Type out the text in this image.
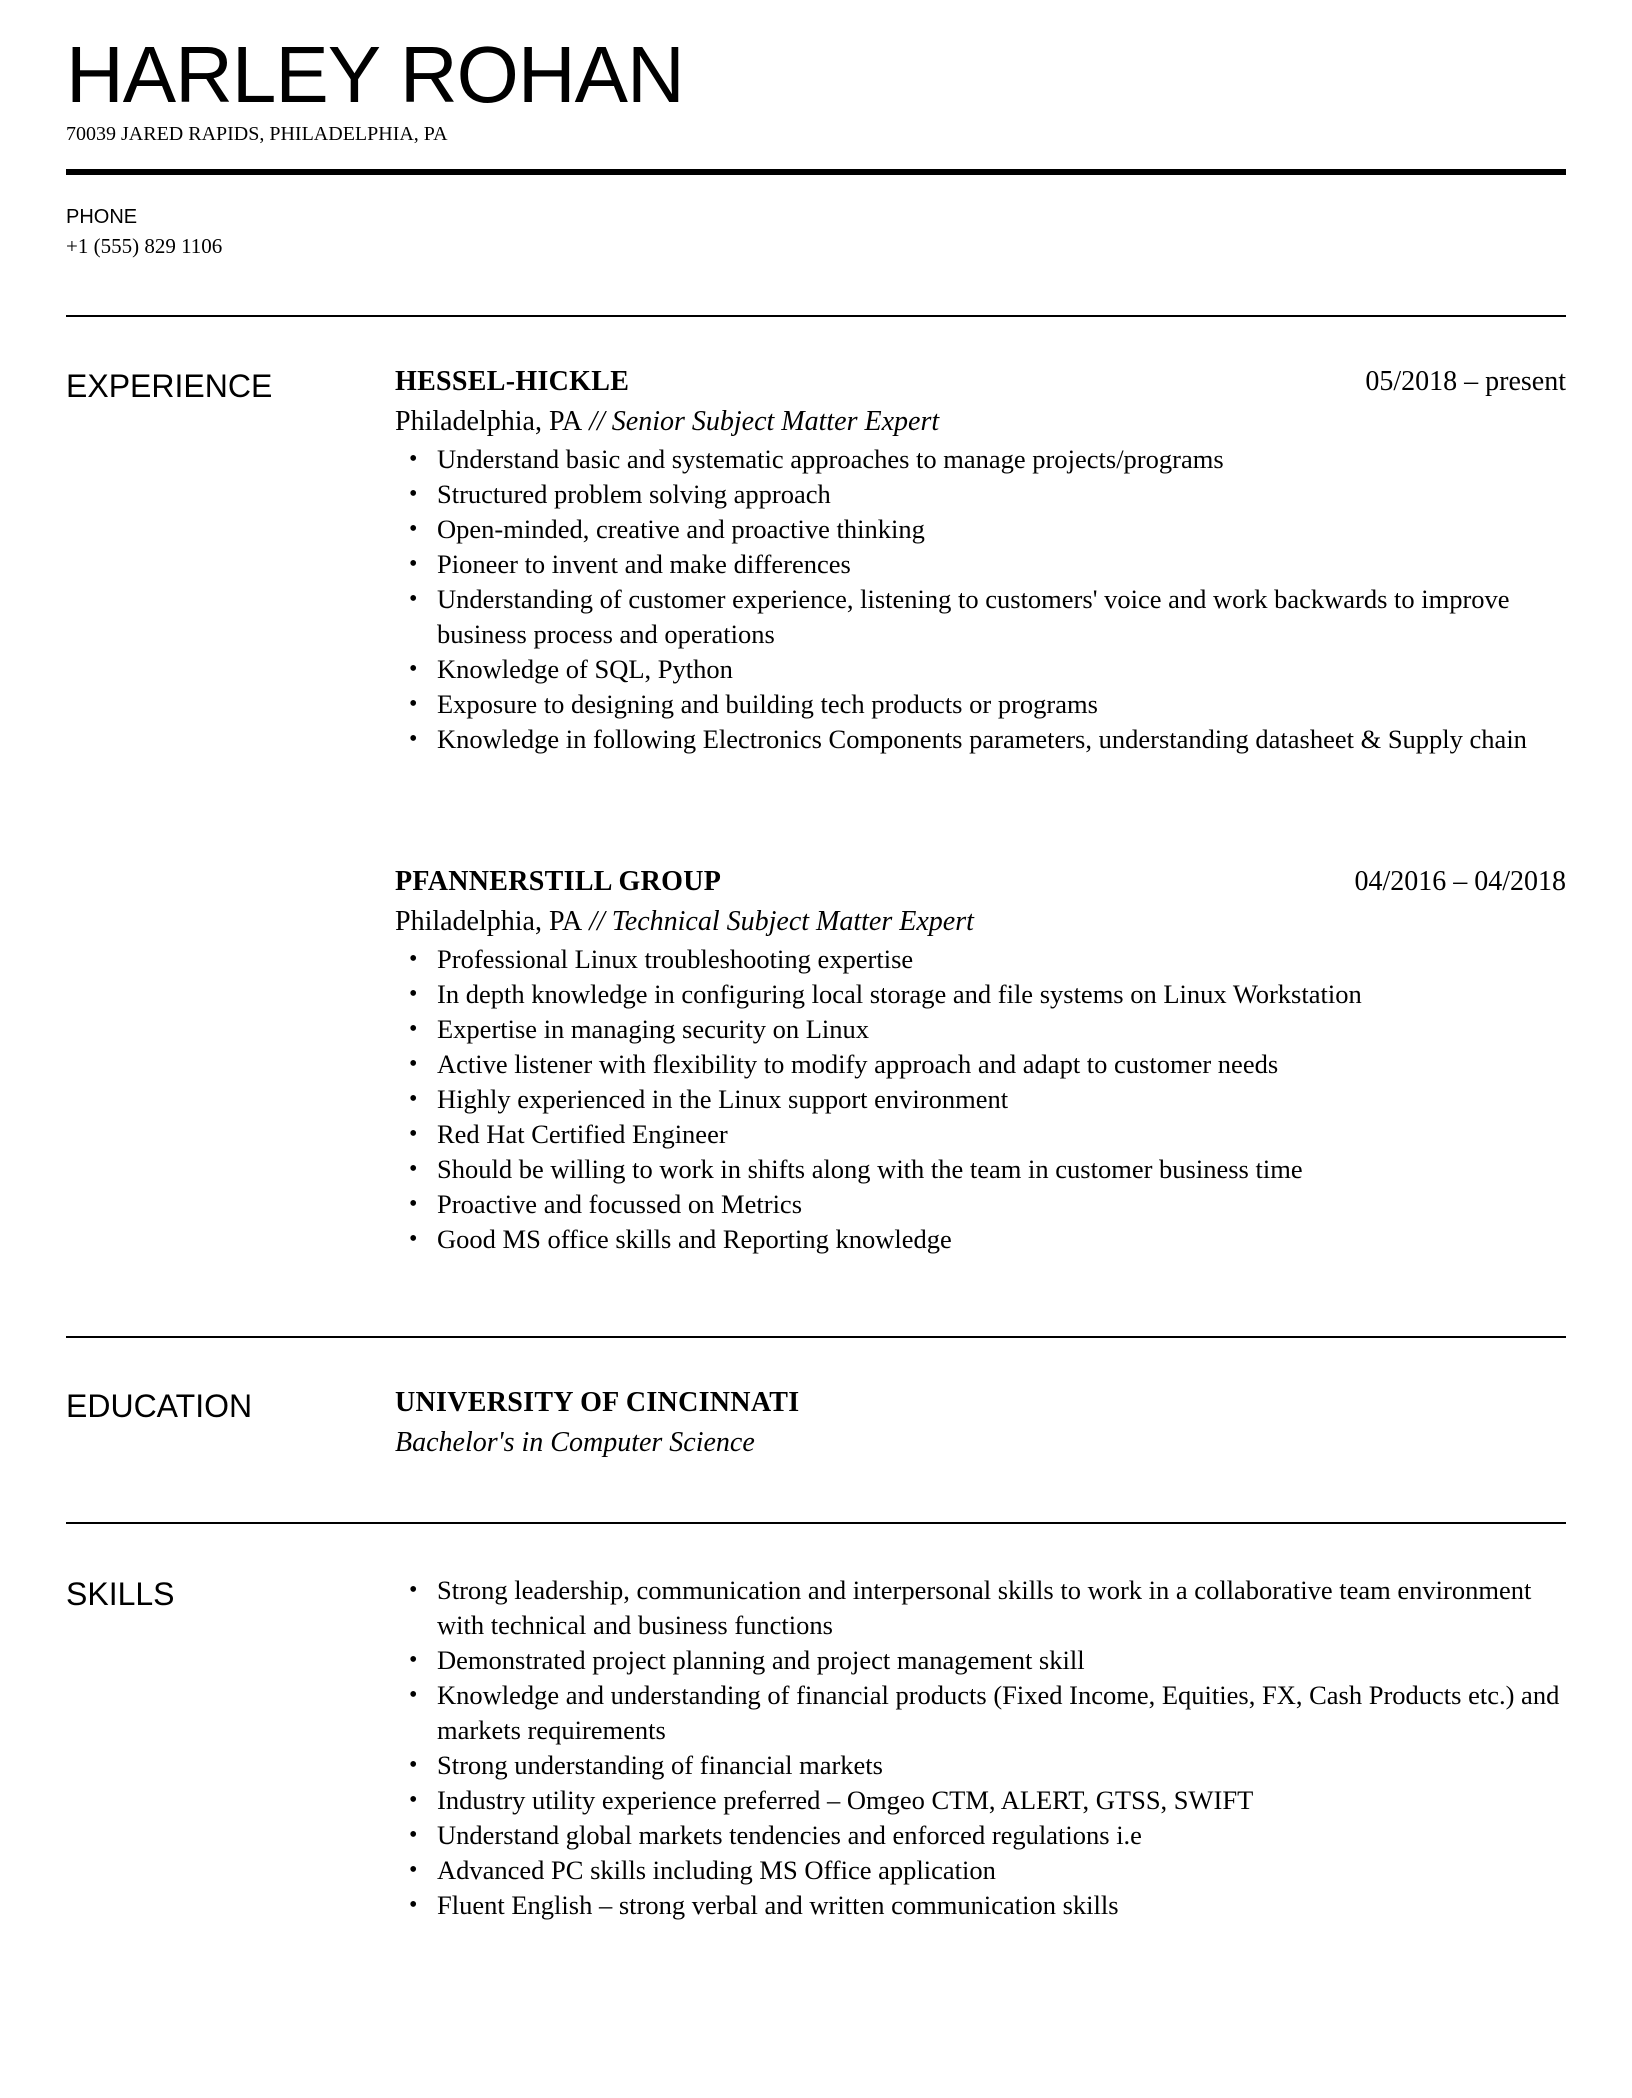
HARLEY ROHAN
70039 JARED RAPIDS, PHILADELPHIA, PA
PHONE
+1 (555) 829 1106
EXPERIENCE	HESSEL-HICKLE	05/2018 – present
Philadelphia, PA // Senior Subject Matter Expert
• Understand basic and systematic approaches to manage projects/programs
• Structured problem solving approach
• Open-minded, creative and proactive thinking
• Pioneer to invent and make differences
• Understanding of customer experience, listening to customers' voice and work backwards to improve business process and operations
• Knowledge of SQL, Python
• Exposure to designing and building tech products or programs
• Knowledge in following Electronics Components parameters, understanding datasheet & Supply chain
PFANNERSTILL GROUP	04/2016 – 04/2018
Philadelphia, PA // Technical Subject Matter Expert
• Professional Linux troubleshooting expertise
• In depth knowledge in configuring local storage and file systems on Linux Workstation
• Expertise in managing security on Linux
• Active listener with flexibility to modify approach and adapt to customer needs
• Highly experienced in the Linux support environment
• Red Hat Certified Engineer
• Should be willing to work in shifts along with the team in customer business time
• Proactive and focussed on Metrics
• Good MS office skills and Reporting knowledge
EDUCATION	UNIVERSITY OF CINCINNATI
Bachelor's in Computer Science
SKILLS
•	Strong leadership, communication and interpersonal skills to work in a collaborative team environment with technical and business functions
• Demonstrated project planning and project management skill
• Knowledge and understanding of financial products (Fixed Income, Equities, FX, Cash Products etc.) and markets requirements
• Strong understanding of financial markets
• Industry utility experience preferred – Omgeo CTM, ALERT, GTSS, SWIFT
• Understand global markets tendencies and enforced regulations i.e
• Advanced PC skills including MS Office application
• Fluent English – strong verbal and written communication skills
